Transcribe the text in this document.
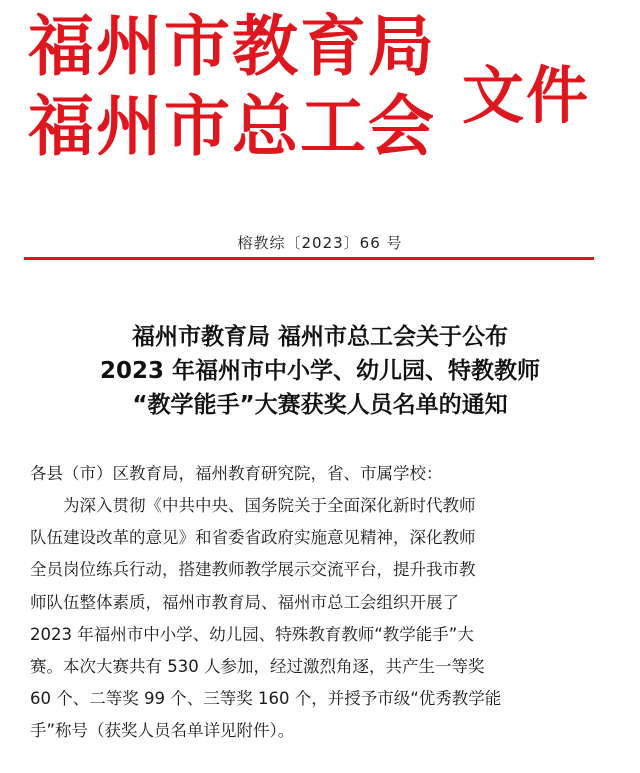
福州市教育局
福州市总工会 文件
榕教综〔2023〕66 号
福州市教育局 福州市总工会关于公布
2023 年福州市中小学、幼儿园、特教教师
“教学能手”大赛获奖人员名单的通知
各县（市）区教育局，福州教育研究院，省、市属学校：
为深入贯彻《中共中央、国务院关于全面深化新时代教师
队伍建设改革的意见》和省委省政府实施意见精神，深化教师
全员岗位练兵行动，搭建教师教学展示交流平台，提升我市教
师队伍整体素质，福州市教育局、福州市总工会组织开展了
2023 年福州市中小学、幼儿园、特殊教育教师“教学能手”大
赛。本次大赛共有 530 人参加，经过激烈角逐，共产生一等奖
60 个、二等奖 99 个、三等奖 160 个，并授予市级“优秀教学能
手”称号（获奖人员名单详见附件）。
